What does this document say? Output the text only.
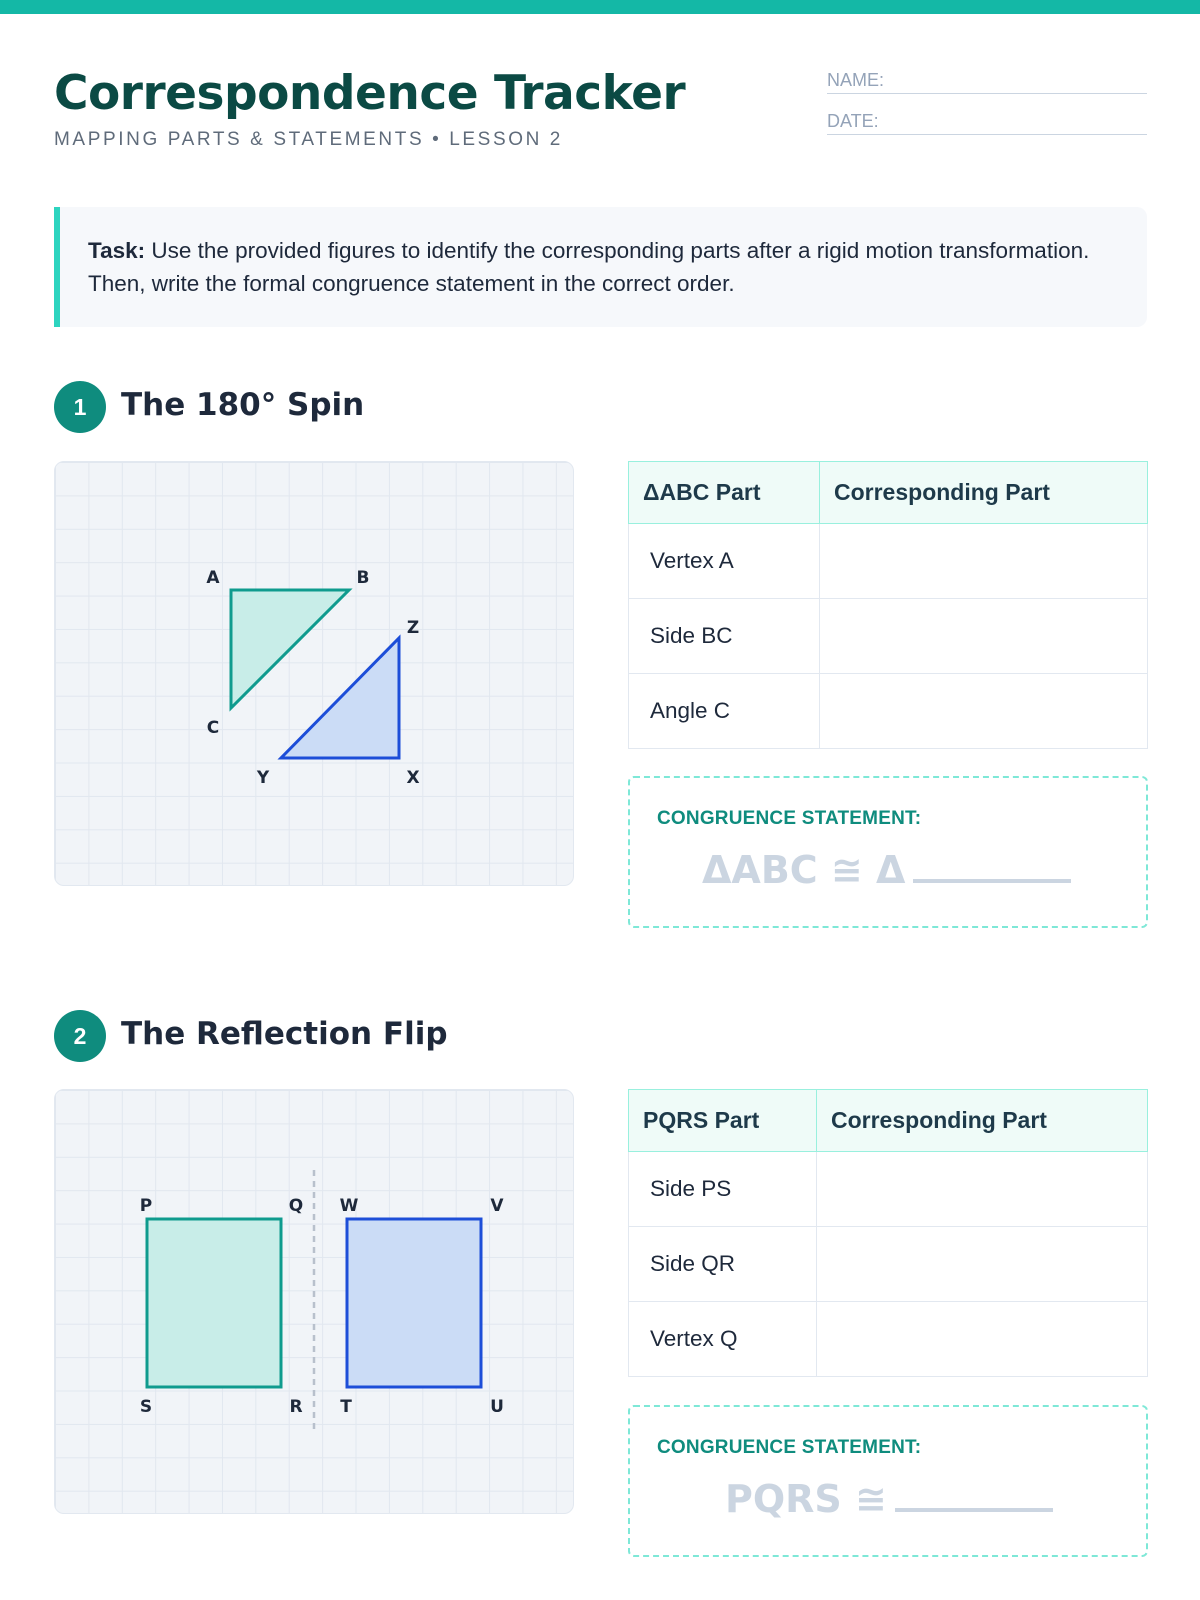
Correspondence Tracker
MAPPING PARTS & STATEMENTS • LESSON 2
NAME:
DATE:
Task: Use the provided figures to identify the corresponding parts after a rigid motion transformation. Then, write the formal congruence statement in the correct order.
1	The 180° Spin
A	B
C
Z
Y	X
ΔABC Part	Corresponding Part
Vertex A	
Side BC	
Angle C	
CONGRUENCE STATEMENT:
ΔABC ≅ Δ
2	The Reflection Flip
P	Q
S	R
W	V
T	U
PQRS Part	Corresponding Part
Side PS	
Side QR	
Vertex Q	
CONGRUENCE STATEMENT:
PQRS ≅
